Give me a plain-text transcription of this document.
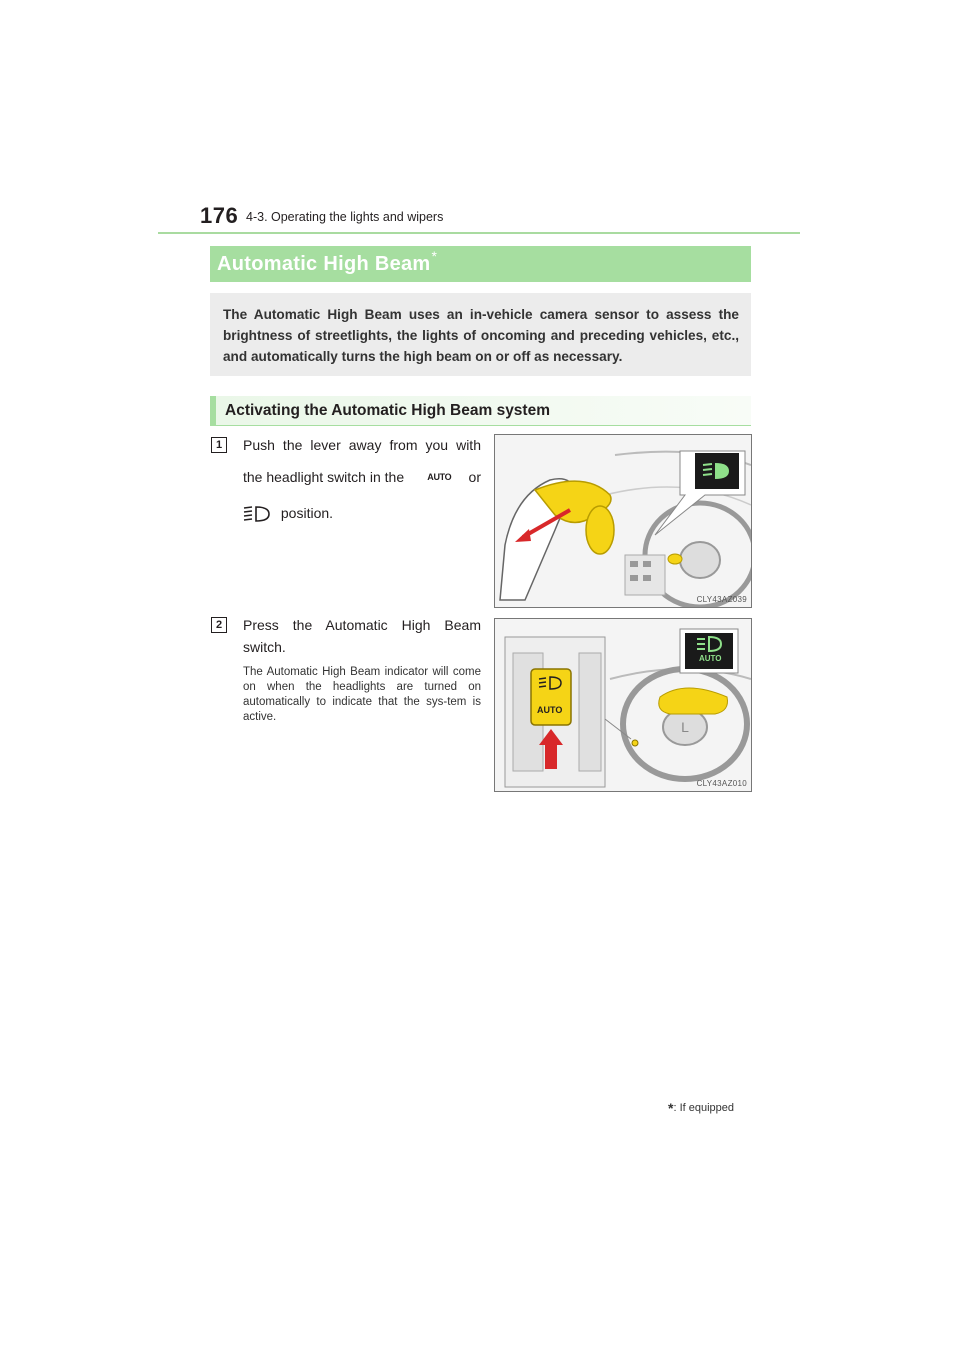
176 4-3. Operating the lights and wipers
Automatic High Beam *
The Automatic High Beam uses an in-vehicle camera sensor to assess the brightness of streetlights, the lights of oncoming and preceding vehicles, etc., and automatically turns the high beam on or off as necessary.
Activating the Automatic High Beam system
1	Push the lever away from you with
the headlight switch in the	AUTO or
position.
CLY43AZ039
2	Press the Automatic High Beam switch.
The Automatic High Beam indicator will come on when the headlights are turned on automatically to indicate that the sys-tem is active.
L
AUTO
AUTO
CLY43AZ010
*: If equipped
